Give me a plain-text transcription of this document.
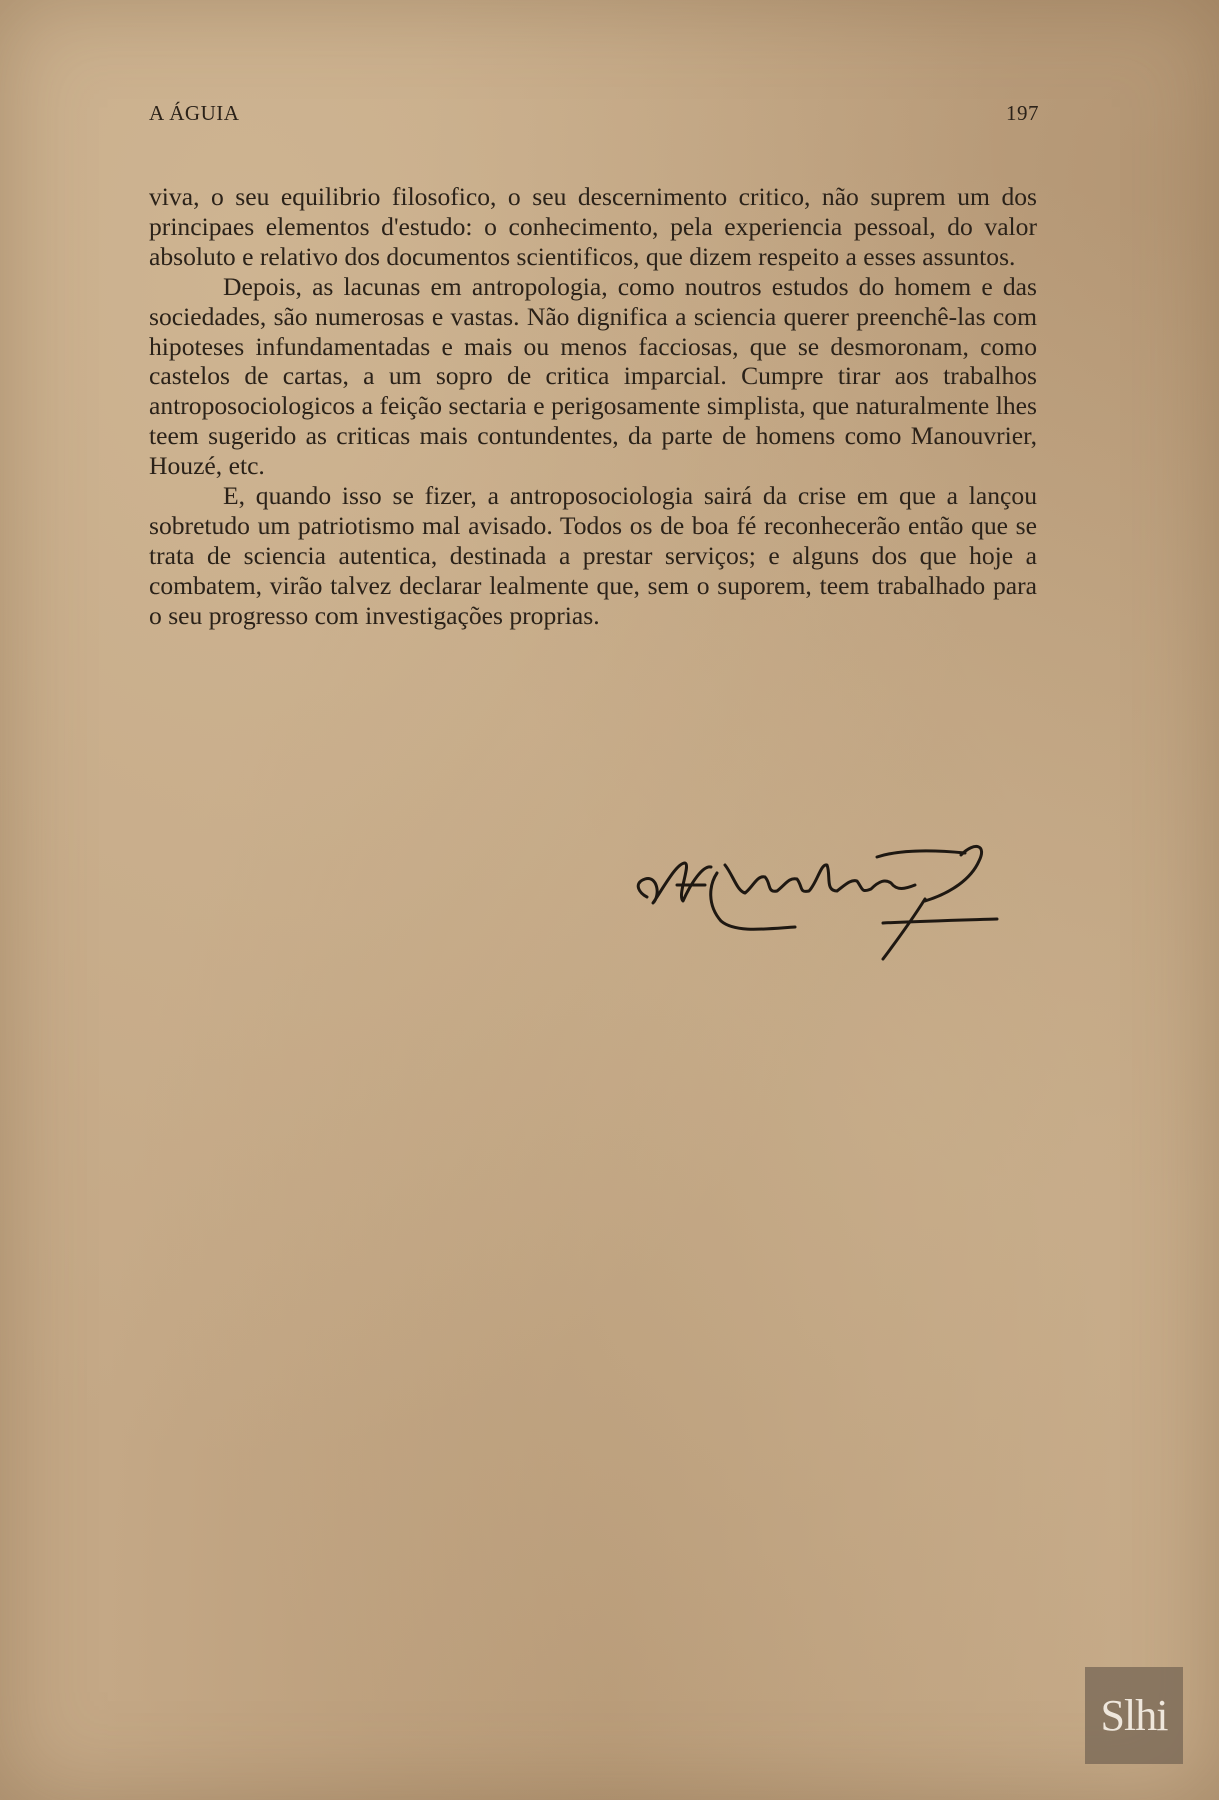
A ÁGUIA	197

viva, o seu equilibrio filosofico, o seu descernimento critico, não suprem um dos principaes elementos d'estudo: o conhecimento, pela experiencia pessoal, do valor absoluto e relativo dos documentos scientificos, que dizem respeito a esses assuntos.

Depois, as lacunas em antropologia, como noutros estudos do homem e das sociedades, são numerosas e vastas. Não dignifica a sciencia querer preenchê-las com hipoteses infundamentadas e mais ou menos facciosas, que se desmoronam, como castelos de cartas, a um sopro de critica imparcial. Cumpre tirar aos trabalhos antroposociologicos a feição sectaria e perigosamente simplista, que naturalmente lhes teem sugerido as criticas mais contundentes, da parte de homens como Manouvrier, Houzé, etc.

E, quando isso se fizer, a antroposociologia sairá da crise em que a lançou sobretudo um patriotismo mal avisado. Todos os de boa fé reconhecerão então que se trata de sciencia autentica, destinada a prestar serviços; e alguns dos que hoje a combatem, virão talvez declarar lealmente que, sem o suporem, teem trabalhado para o seu progresso com investigações proprias.

Slhi
